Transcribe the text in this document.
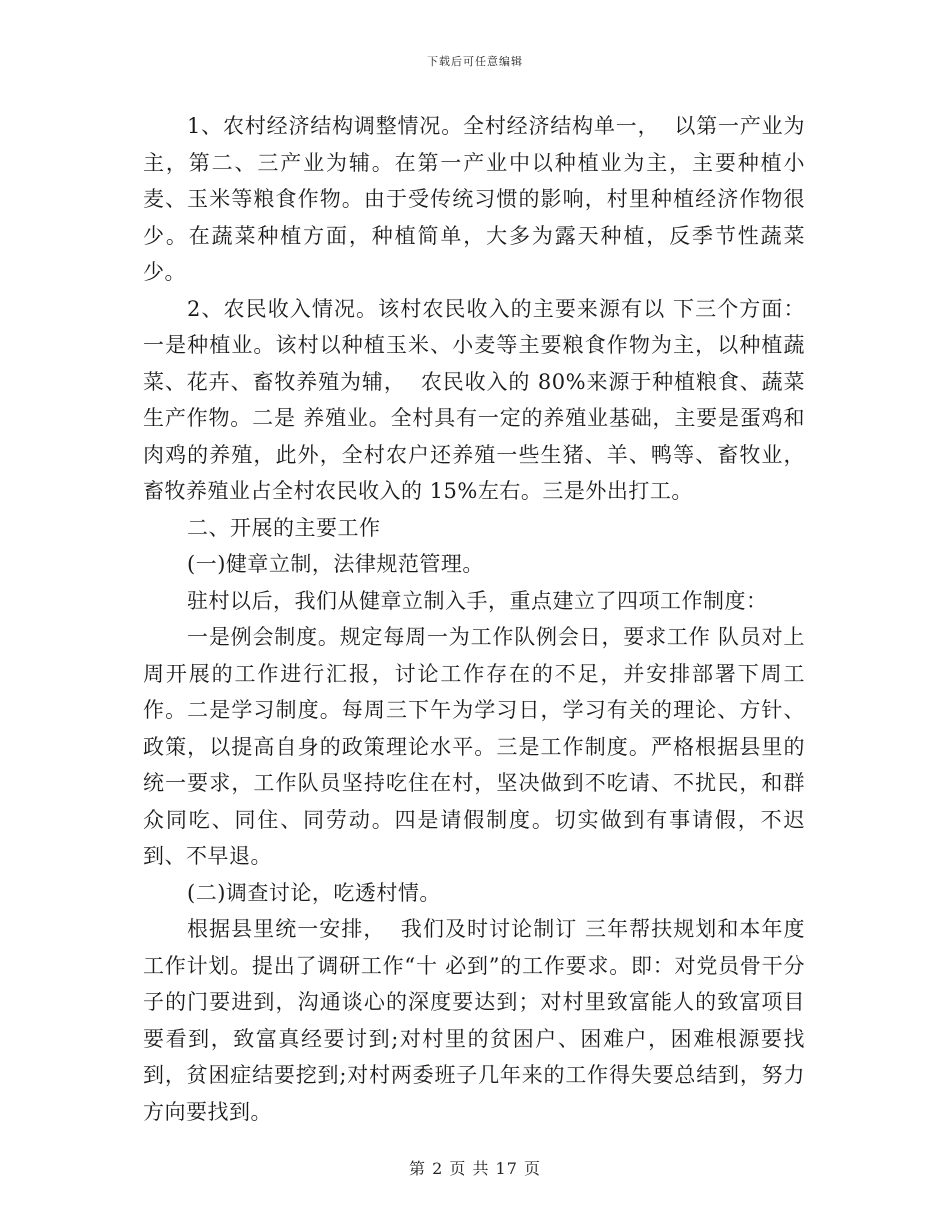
下载后可任意编辑

1、农村经济结构调整情况。全村经济结构单一，  以第一产业为主，第二、三产业为辅。在第一产业中以种植业为主，主要种植小麦、玉米等粮食作物。由于受传统习惯的影响，村里种植经济作物很少。在蔬菜种植方面，种植简单，大多为露天种植，反季节性蔬菜少。

2、农民收入情况。该村农民收入的主要来源有以 下三个方面：一是种植业。该村以种植玉米、小麦等主要粮食作物为主，以种植蔬菜、花卉、畜牧养殖为辅，  农民收入的 80%来源于种植粮食、蔬菜生产作物。二是 养殖业。全村具有一定的养殖业基础，主要是蛋鸡和肉鸡的养殖，此外，全村农户还养殖一些生猪、羊、鸭等、畜牧业，畜牧养殖业占全村农民收入的 15%左右。三是外出打工。

二、开展的主要工作

(一)健章立制，法律规范管理。

驻村以后，我们从健章立制入手，重点建立了四项工作制度：

一是例会制度。规定每周一为工作队例会日，要求工作 队员对上周开展的工作进行汇报，讨论工作存在的不足，并安排部署下周工作。二是学习制度。每周三下午为学习日，学习有关的理论、方针、政策，以提高自身的政策理论水平。三是工作制度。严格根据县里的统一要求，工作队员坚持吃住在村，坚决做到不吃请、不扰民，和群众同吃、同住、同劳动。四是请假制度。切实做到有事请假，不迟到、不早退。

(二)调查讨论，吃透村情。

根据县里统一安排，  我们及时讨论制订 三年帮扶规划和本年度工作计划。提出了调研工作“十 必到”的工作要求。即：对党员骨干分子的门要进到，沟通谈心的深度要达到；对村里致富能人的致富项目要看到，致富真经要讨到;对村里的贫困户、困难户，困难根源要找到，贫困症结要挖到;对村两委班子几年来的工作得失要总结到，努力方向要找到。

第 2 页 共 17 页
